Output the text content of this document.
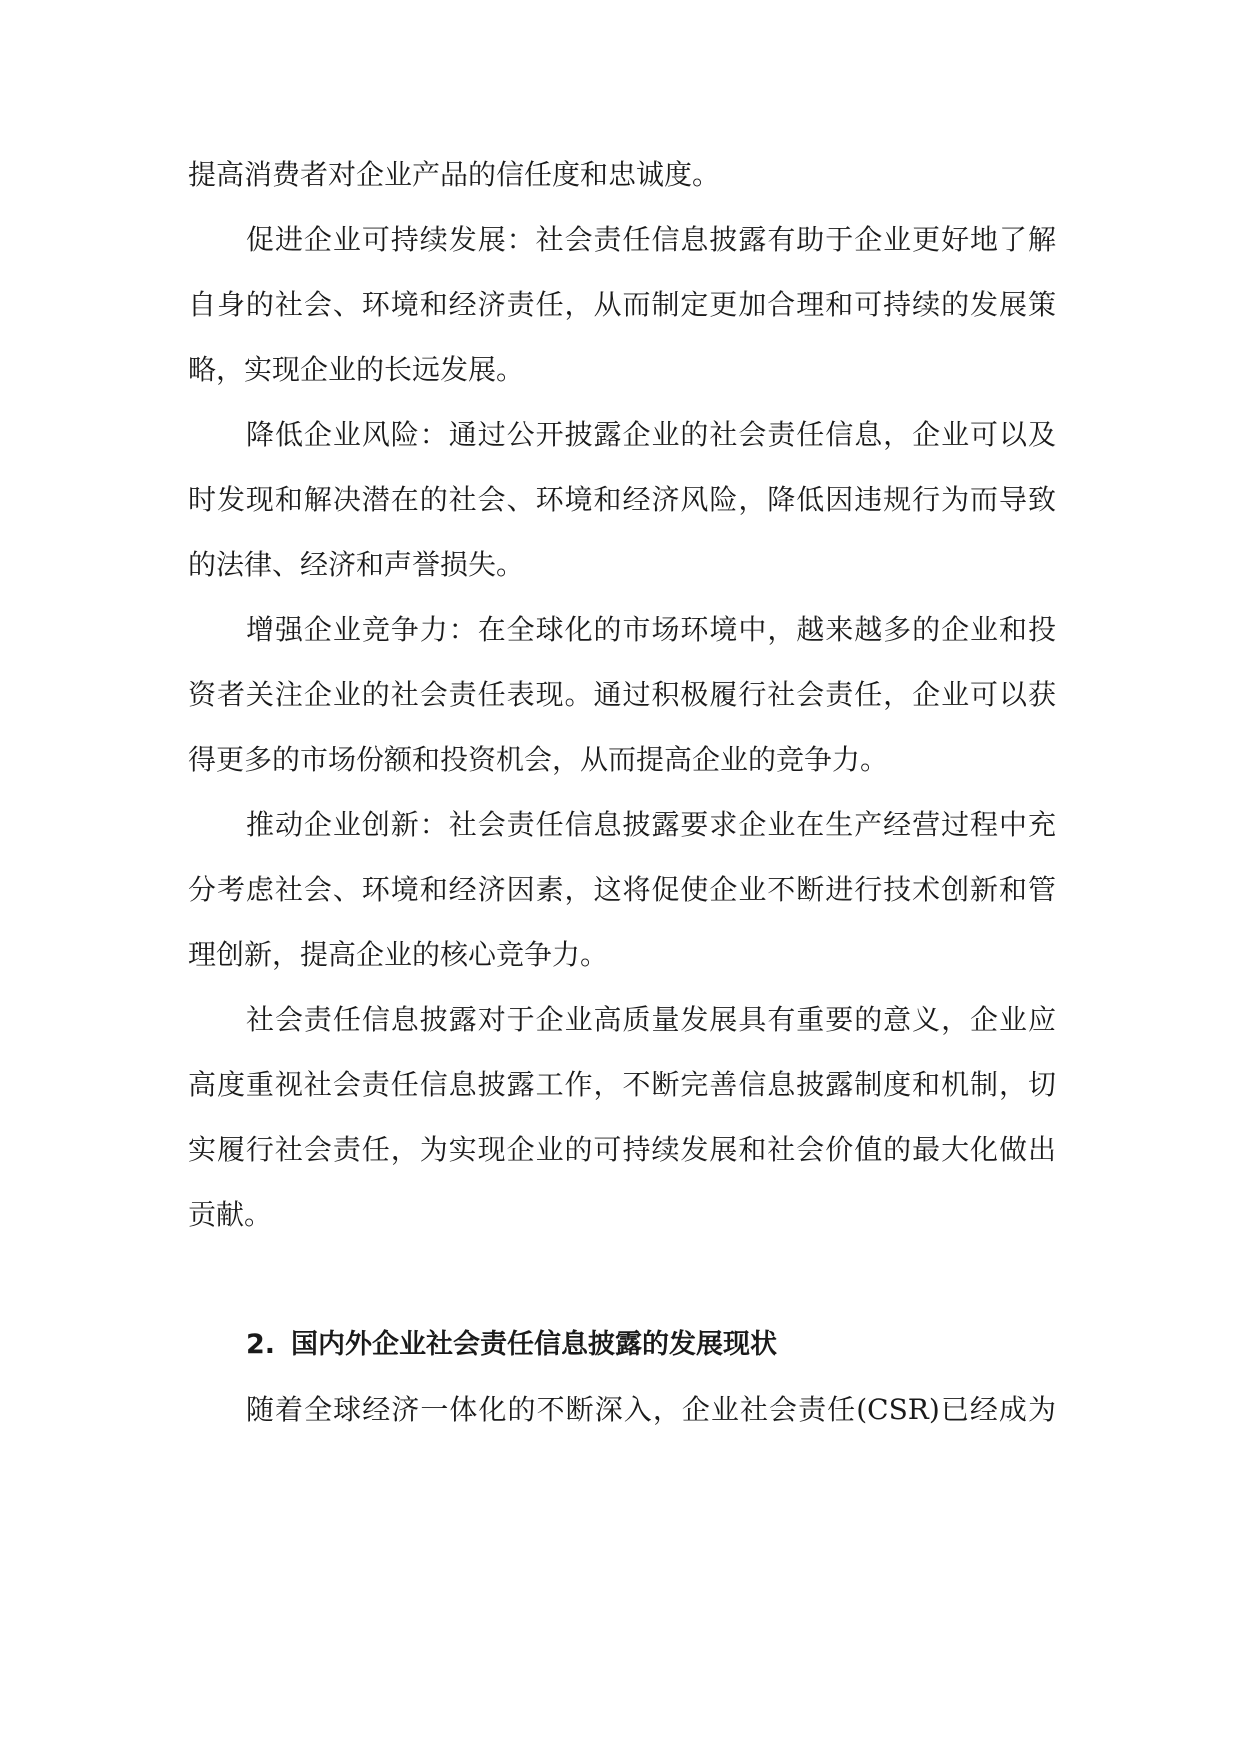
提高消费者对企业产品的信任度和忠诚度。
促进企业可持续发展：社会责任信息披露有助于企业更好地了解
自身的社会、环境和经济责任，从而制定更加合理和可持续的发展策
略，实现企业的长远发展。
降低企业风险：通过公开披露企业的社会责任信息，企业可以及
时发现和解决潜在的社会、环境和经济风险，降低因违规行为而导致
的法律、经济和声誉损失。
增强企业竞争力：在全球化的市场环境中，越来越多的企业和投
资者关注企业的社会责任表现。通过积极履行社会责任，企业可以获
得更多的市场份额和投资机会，从而提高企业的竞争力。
推动企业创新：社会责任信息披露要求企业在生产经营过程中充
分考虑社会、环境和经济因素，这将促使企业不断进行技术创新和管
理创新，提高企业的核心竞争力。
社会责任信息披露对于企业高质量发展具有重要的意义，企业应
高度重视社会责任信息披露工作，不断完善信息披露制度和机制，切
实履行社会责任，为实现企业的可持续发展和社会价值的最大化做出
贡献。
2. 国内外企业社会责任信息披露的发展现状
随着全球经济一体化的不断深入，企业社会责任(CSR)已经成为
